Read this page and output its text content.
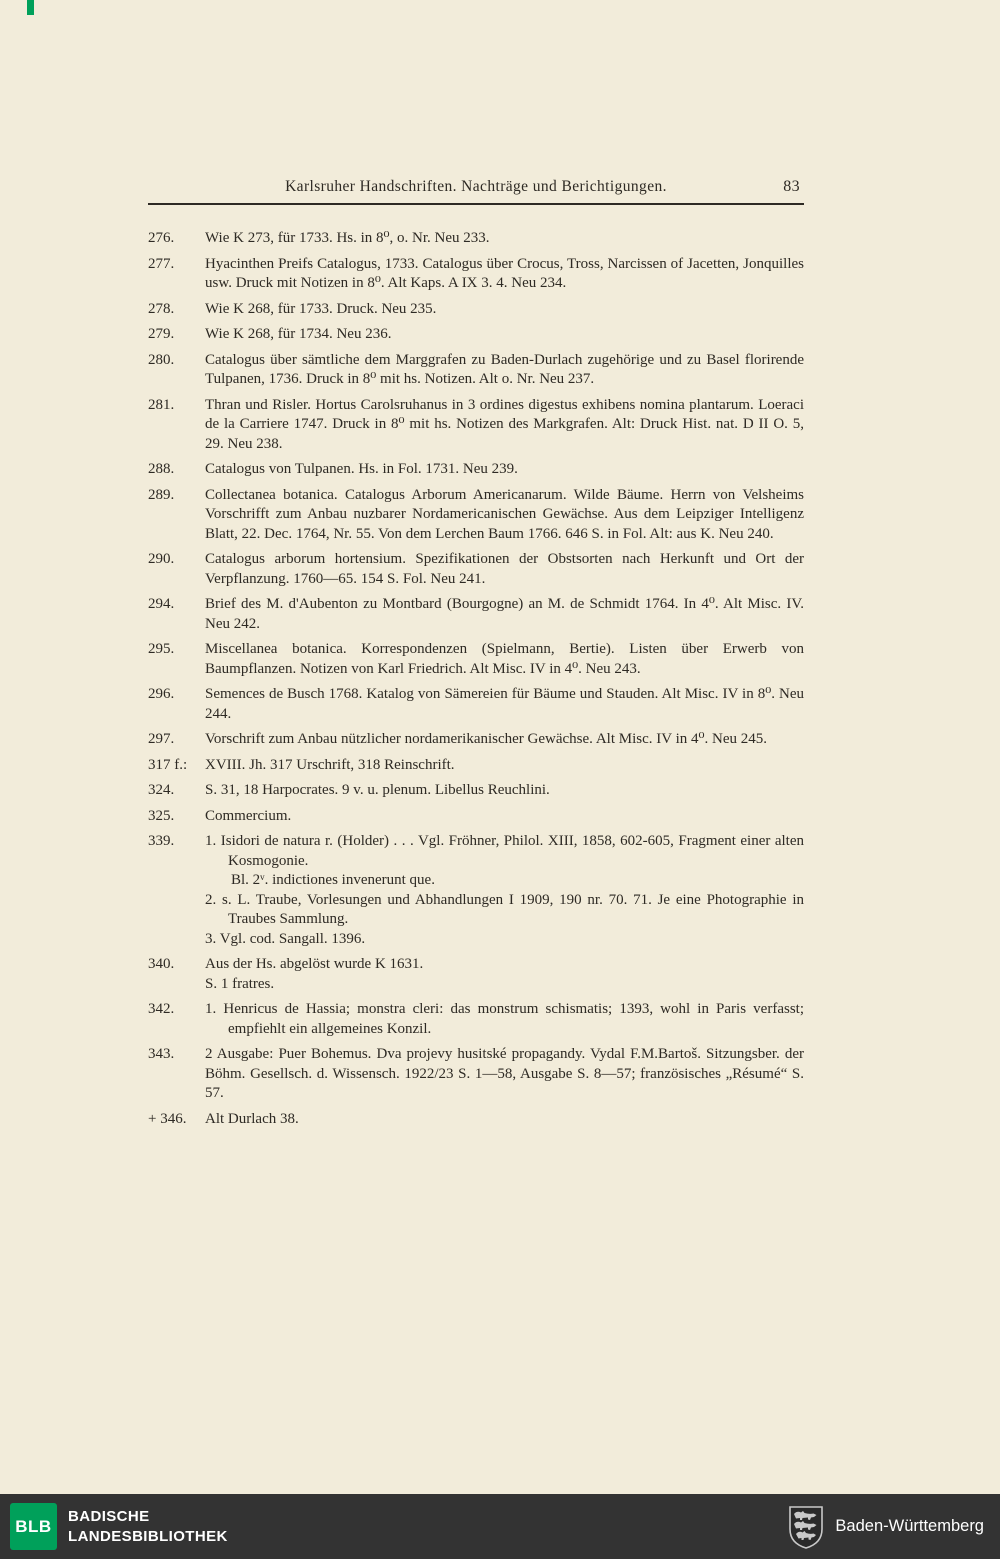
Karlsruher Handschriften. Nachträge und Berichtigungen.	83
276.	Wie K 273, für 1733. Hs. in 8⁰, o. Nr. Neu 233.

277.	Hyacinthen Preifs Catalogus, 1733. Catalogus über Crocus, Tross, Narcissen of Jacetten, Jonquilles usw. Druck mit Notizen in 8⁰. Alt Kaps. A IX 3. 4. Neu 234.

278.	Wie K 268, für 1733. Druck. Neu 235.

279.	Wie K 268, für 1734. Neu 236.

280.	Catalogus über sämtliche dem Marggrafen zu Baden-Durlach zugehörige und zu Basel florirende Tulpanen, 1736. Druck in 8⁰ mit hs. Notizen. Alt o. Nr. Neu 237.

281.	Thran und Risler. Hortus Carolsruhanus in 3 ordines digestus exhibens nomina plantarum. Loeraci de la Carriere 1747. Druck in 8⁰ mit hs. Notizen des Markgrafen. Alt: Druck Hist. nat. D II O. 5, 29. Neu 238.

288.	Catalogus von Tulpanen. Hs. in Fol. 1731. Neu 239.

289.	Collectanea botanica. Catalogus Arborum Americanarum. Wilde Bäume. Herrn von Velsheims Vorschrifft zum Anbau nuzbarer Nordamericanischen Gewächse. Aus dem Leipziger Intelligenz Blatt, 22. Dec. 1764, Nr. 55. Von dem Lerchen Baum 1766. 646 S. in Fol. Alt: aus K. Neu 240.

290.	Catalogus arborum hortensium. Spezifikationen der Obstsorten nach Herkunft und Ort der Verpflanzung. 1760—65. 154 S. Fol. Neu 241.

294.	Brief des M. d'Aubenton zu Montbard (Bourgogne) an M. de Schmidt 1764. In 4⁰. Alt Misc. IV. Neu 242.

295.	Miscellanea botanica. Korrespondenzen (Spielmann, Bertie). Listen über Erwerb von Baumpflanzen. Notizen von Karl Friedrich. Alt Misc. IV in 4⁰. Neu 243.

296.	Semences de Busch 1768. Katalog von Sämereien für Bäume und Stauden. Alt Misc. IV in 8⁰. Neu 244.

297.	Vorschrift zum Anbau nützlicher nordamerikanischer Gewächse. Alt Misc. IV in 4⁰. Neu 245.

317 f.:	XVIII. Jh. 317 Urschrift, 318 Reinschrift.

324.	S. 31, 18 Harpocrates. 9 v. u. plenum. Libellus Reuchlini.

325.	Commercium.

339.	1. Isidori de natura r. (Holder) . . . Vgl. Fröhner, Philol. XIII, 1858, 602-605, Fragment einer alten Kosmogonie.

Bl. 2ᵛ. indictiones invenerunt que.

2. s. L. Traube, Vorlesungen und Abhandlungen I 1909, 190 nr. 70. 71. Je eine Photographie in Traubes Sammlung.

3. Vgl. cod. Sangall. 1396.

340.	Aus der Hs. abgelöst wurde K 1631.

S. 1 fratres.

342.	1. Henricus de Hassia; monstra cleri: das monstrum schismatis; 1393, wohl in Paris verfasst; empfiehlt ein allgemeines Konzil.

343.	2 Ausgabe: Puer Bohemus. Dva projevy husitské propagandy. Vydal F.M.Bartoš. Sitzungsber. der Böhm. Gesellsch. d. Wissensch. 1922/23 S. 1—58, Ausgabe S. 8—57; französisches „Résumé“ S. 57.

+ 346.	Alt Durlach 38.

BLB	BADISCHE
LANDESBIBLIOTHEK
Baden-Württemberg
